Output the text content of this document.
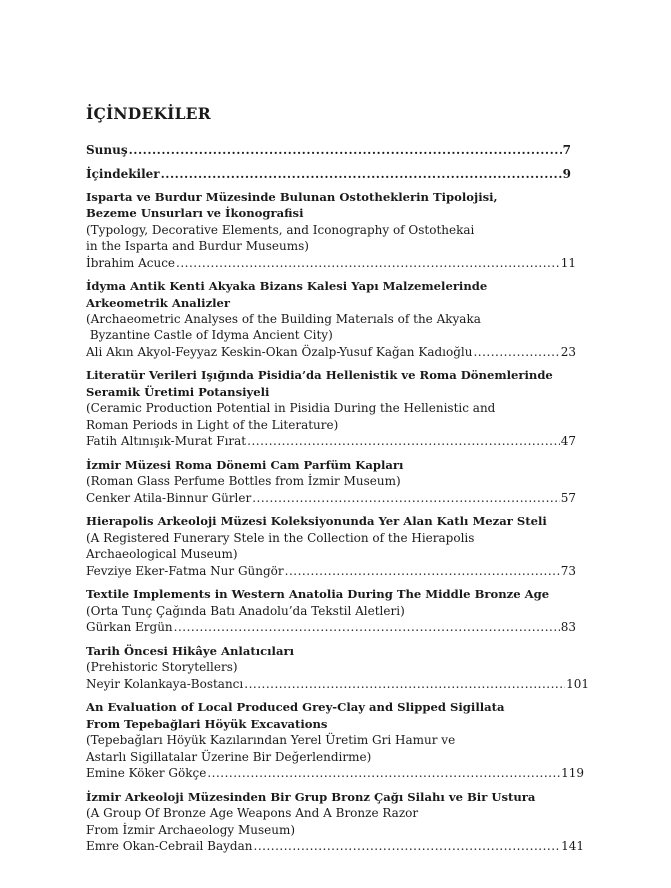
İÇİNDEKİLER
Sunuş .....	7
İçindekiler .....	9
Isparta ve Burdur Müzesinde Bulunan Ostotheklerin Tipolojisi,
Bezeme Unsurları ve İkonografisi
(Typology, Decorative Elements, and Iconography of Ostothekai
in the Isparta and Burdur Museums)
İbrahim Acuce .....	11
İdyma Antik Kenti Akyaka Bizans Kalesi Yapı Malzemelerinde
Arkeometrik Analizler
(Archaeometric Analyses of the Building Materıals of the Akyaka
Byzantine Castle of Idyma Ancient City)
Ali Akın Akyol-Feyyaz Keskin-Okan Özalp-Yusuf Kağan Kadıoğlu .....	23
Literatür Verileri Işığında Pisidia’da Hellenistik ve Roma Dönemlerinde
Seramik Üretimi Potansiyeli
(Ceramic Production Potential in Pisidia During the Hellenistic and
Roman Periods in Light of the Literature)
Fatih Altınışık-Murat Fırat .....	47
İzmir Müzesi Roma Dönemi Cam Parfüm Kapları
(Roman Glass Perfume Bottles from İzmir Museum)
Cenker Atila-Binnur Gürler .....	57
Hierapolis Arkeoloji Müzesi Koleksiyonunda Yer Alan Katlı Mezar Steli
(A Registered Funerary Stele in the Collection of the Hierapolis
Archaeological Museum)
Fevziye Eker-Fatma Nur Güngör .....	73
Textile Implements in Western Anatolia During The Middle Bronze Age
(Orta Tunç Çağında Batı Anadolu’da Tekstil Aletleri)
Gürkan Ergün .....	83
Tarih Öncesi Hikâye Anlatıcıları
(Prehistoric Storytellers)
Neyir Kolankaya-Bostancı .....	101
An Evaluation of Local Produced Grey-Clay and Slipped Sigillata
From Tepebağlari Höyük Excavations
(Tepebağları Höyük Kazılarından Yerel Üretim Gri Hamur ve
Astarlı Sigillatalar Üzerine Bir Değerlendirme)
Emine Köker Gökçe .....	119
İzmir Arkeoloji Müzesinden Bir Grup Bronz Çağı Silahı ve Bir Ustura
(A Group Of Bronze Age Weapons And A Bronze Razor
From İzmir Archaeology Museum)
Emre Okan-Cebrail Baydan .....	141
